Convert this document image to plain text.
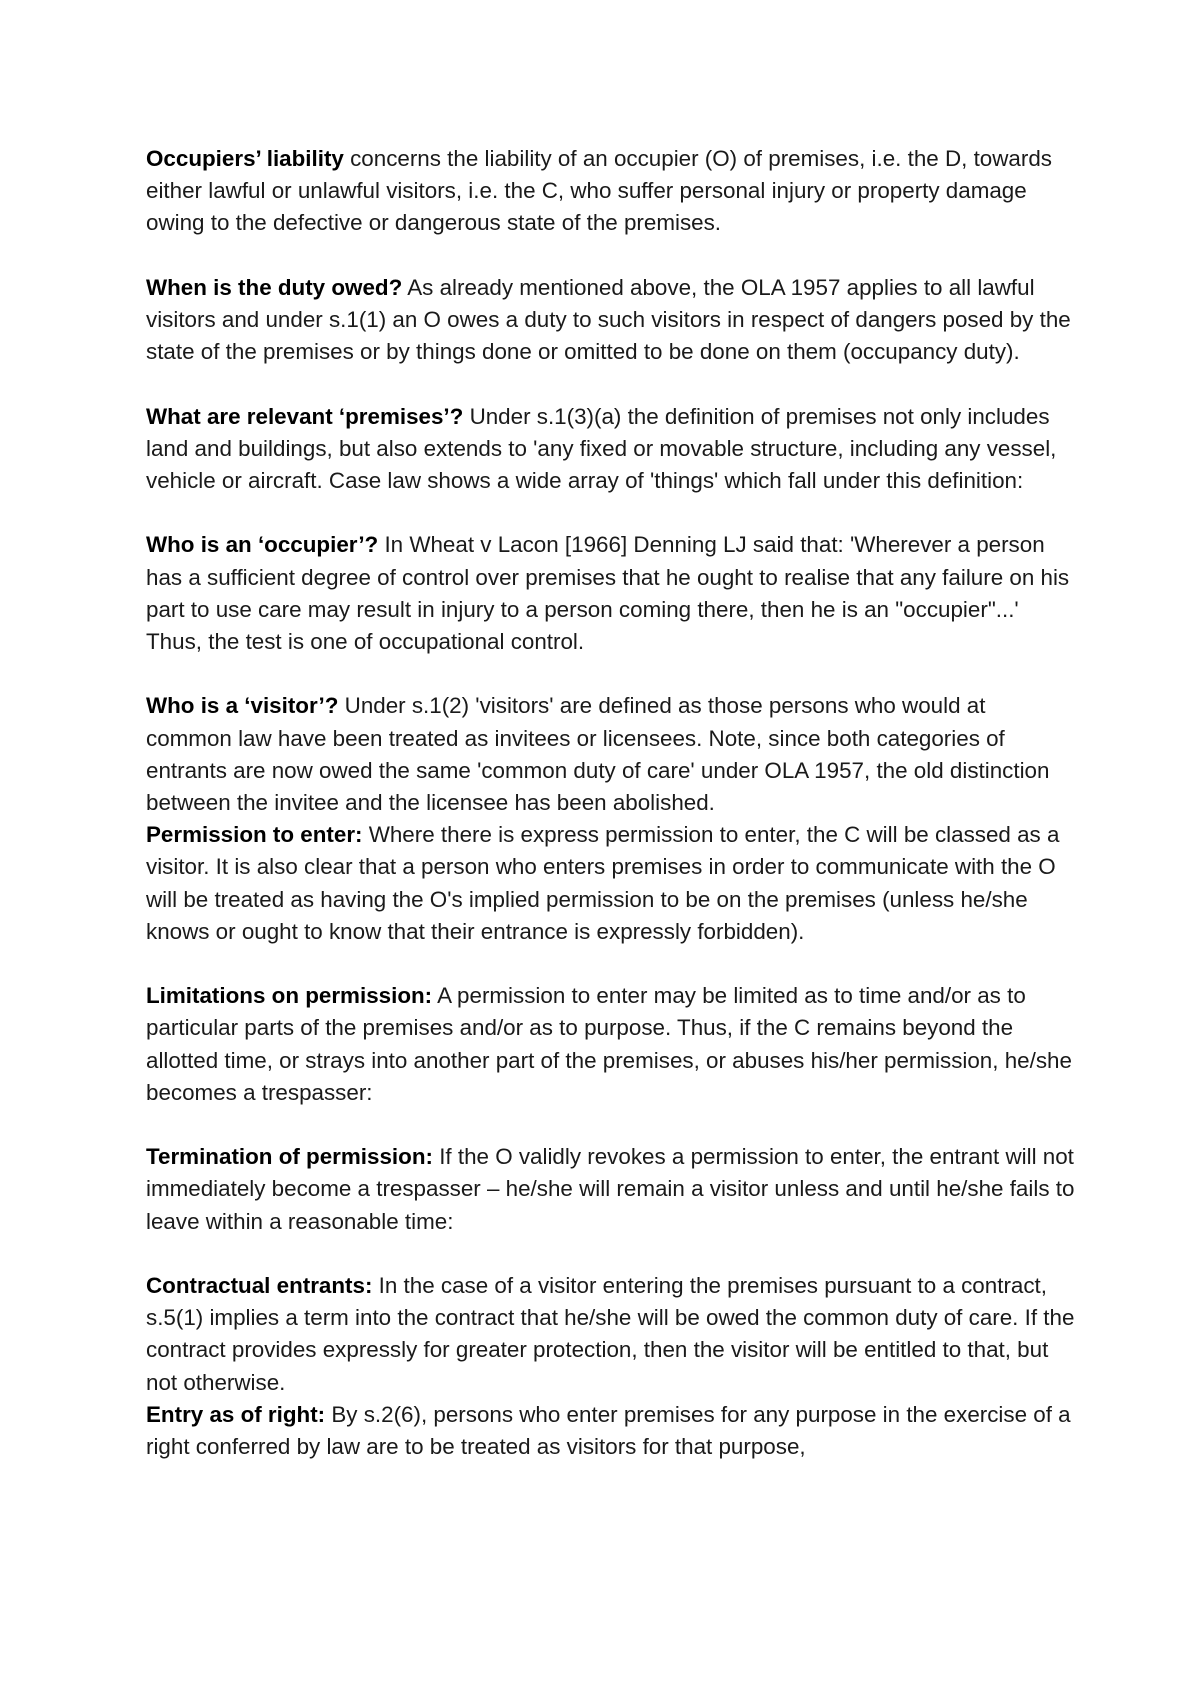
Occupiers’ liability concerns the liability of an occupier (O) of premises, i.e. the D, towards either lawful or unlawful visitors, i.e. the C, who suffer personal injury or property damage owing to the defective or dangerous state of the premises.

When is the duty owed? As already mentioned above, the OLA 1957 applies to all lawful visitors and under s.1(1) an O owes a duty to such visitors in respect of dangers posed by the state of the premises or by things done or omitted to be done on them (occupancy duty).

What are relevant ‘premises’? Under s.1(3)(a) the definition of premises not only includes land and buildings, but also extends to 'any fixed or movable structure, including any vessel, vehicle or aircraft. Case law shows a wide array of 'things' which fall under this definition:

Who is an ‘occupier’? In Wheat v Lacon [1966] Denning LJ said that: 'Wherever a person has a sufficient degree of control over premises that he ought to realise that any failure on his part to use care may result in injury to a person coming there, then he is an "occupier"...' Thus, the test is one of occupational control.

Who is a ‘visitor’? Under s.1(2) 'visitors' are defined as those persons who would at common law have been treated as invitees or licensees. Note, since both categories of entrants are now owed the same 'common duty of care' under OLA 1957, the old distinction between the invitee and the licensee has been abolished.

Permission to enter: Where there is express permission to enter, the C will be classed as a visitor. It is also clear that a person who enters premises in order to communicate with the O will be treated as having the O's implied permission to be on the premises (unless he/she knows or ought to know that their entrance is expressly forbidden).

Limitations on permission: A permission to enter may be limited as to time and/or as to particular parts of the premises and/or as to purpose. Thus, if the C remains beyond the allotted time, or strays into another part of the premises, or abuses his/her permission, he/she becomes a trespasser:

Termination of permission: If the O validly revokes a permission to enter, the entrant will not immediately become a trespasser – he/she will remain a visitor unless and until he/she fails to leave within a reasonable time:

Contractual entrants: In the case of a visitor entering the premises pursuant to a contract, s.5(1) implies a term into the contract that he/she will be owed the common duty of care. If the contract provides expressly for greater protection, then the visitor will be entitled to that, but not otherwise.

Entry as of right: By s.2(6), persons who enter premises for any purpose in the exercise of a right conferred by law are to be treated as visitors for that purpose,
